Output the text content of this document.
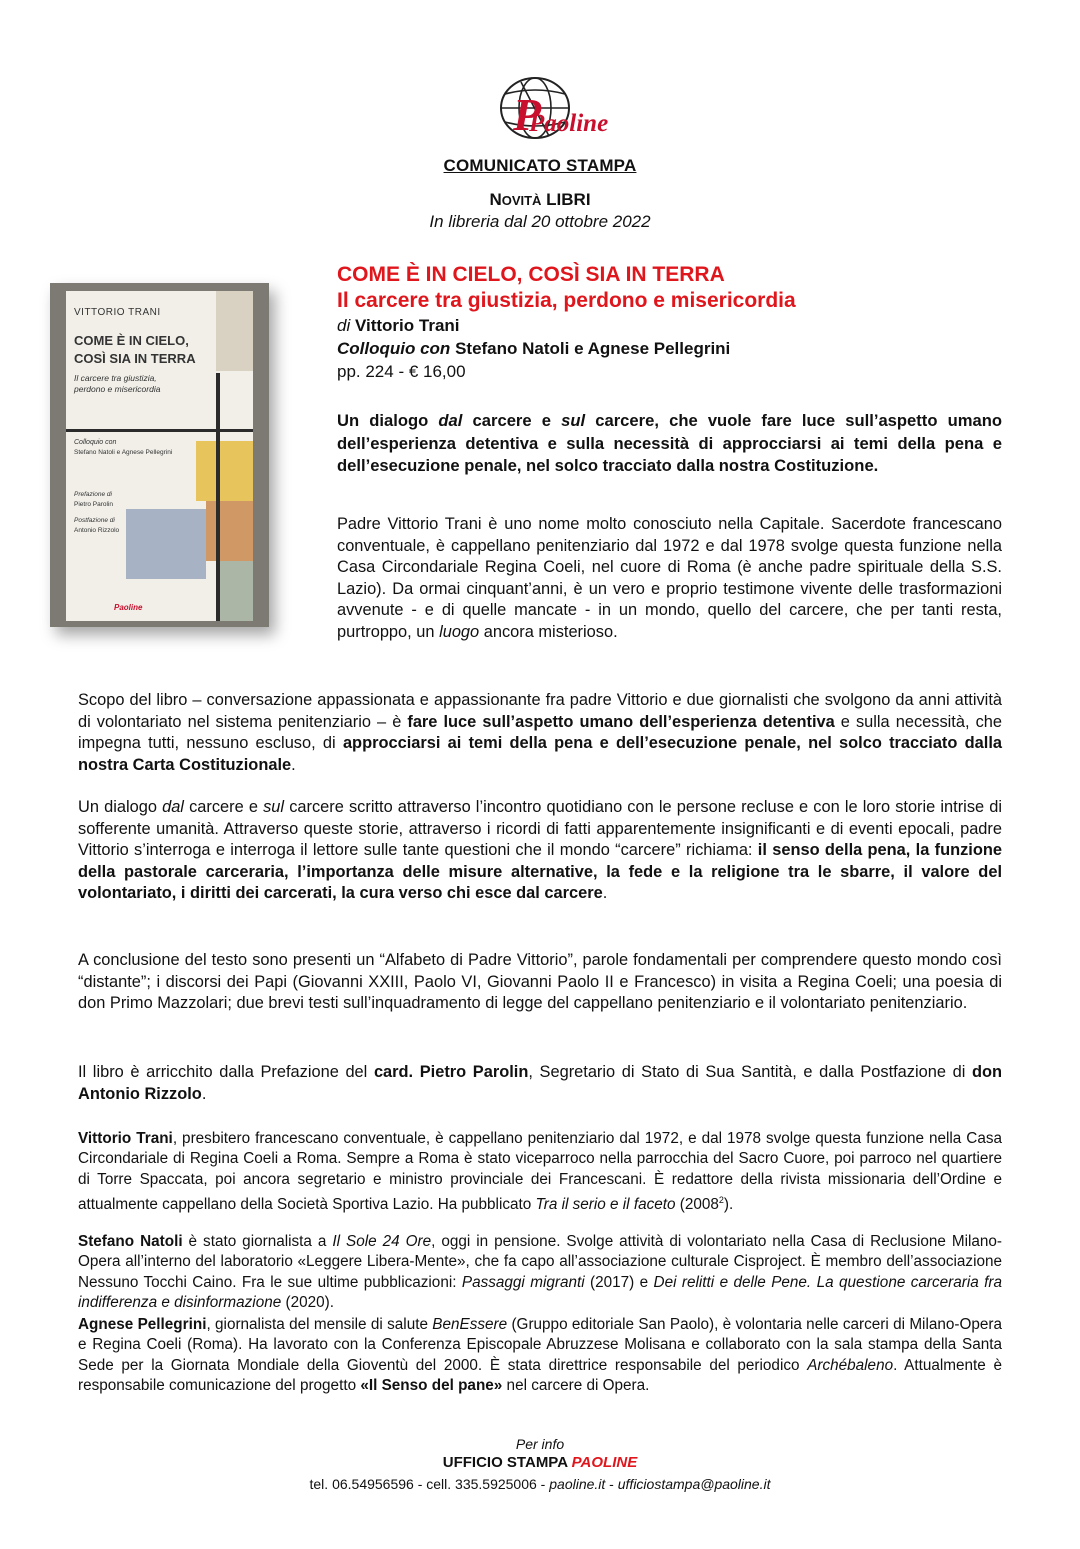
P
Paoline
COMUNICATO STAMPA
NOVITÀ LIBRI
In libreria dal 20 ottobre 2022
VITTORIO TRANI
COME È IN CIELO,
COSÌ SIA IN TERRA
Il carcere tra giustizia,
perdono e misericordia
Colloquio con
Stefano Natoli e Agnese Pellegrini
Prefazione di
Pietro Parolin
Postfazione di
Antonio Rizzolo
Paoline
COME È IN CIELO, COSÌ SIA IN TERRA
Il carcere tra giustizia, perdono e misericordia
di Vittorio Trani
Colloquio con Stefano Natoli e Agnese Pellegrini
pp. 224 - € 16,00
Un dialogo dal carcere e sul carcere, che vuole fare luce sull’aspetto umano dell’esperienza detentiva e sulla necessità di approcciarsi ai temi della pena e dell’esecuzione penale, nel solco tracciato dalla nostra Costituzione.
Padre Vittorio Trani è uno nome molto conosciuto nella Capitale. Sacerdote francescano conventuale, è cappellano penitenziario dal 1972 e dal 1978 svolge questa funzione nella Casa Circondariale Regina Coeli, nel cuore di Roma (è anche padre spirituale della S.S. Lazio). Da ormai cinquant’anni, è un vero e proprio testimone vivente delle trasformazioni avvenute - e di quelle mancate - in un mondo, quello del carcere, che per tanti resta, purtroppo, un luogo ancora misterioso.
Scopo del libro – conversazione appassionata e appassionante fra padre Vittorio e due giornalisti che svolgono da anni attività di volontariato nel sistema penitenziario – è fare luce sull’aspetto umano dell’esperienza detentiva e sulla necessità, che impegna tutti, nessuno escluso, di approcciarsi ai temi della pena e dell’esecuzione penale, nel solco tracciato dalla nostra Carta Costituzionale.
Un dialogo dal carcere e sul carcere scritto attraverso l’incontro quotidiano con le persone recluse e con le loro storie intrise di sofferente umanità. Attraverso queste storie, attraverso i ricordi di fatti apparentemente insignificanti e di eventi epocali, padre Vittorio s’interroga e interroga il lettore sulle tante questioni che il mondo “carcere” richiama: il senso della pena, la funzione della pastorale carceraria, l’importanza delle misure alternative, la fede e la religione tra le sbarre, il valore del volontariato, i diritti dei carcerati, la cura verso chi esce dal carcere.
A conclusione del testo sono presenti un “Alfabeto di Padre Vittorio”, parole fondamentali per comprendere questo mondo così “distante”; i discorsi dei Papi (Giovanni XXIII, Paolo VI, Giovanni Paolo II e Francesco) in visita a Regina Coeli; una poesia di don Primo Mazzolari; due brevi testi sull’inquadramento di legge del cappellano penitenziario e il volontariato penitenziario.
Il libro è arricchito dalla Prefazione del card. Pietro Parolin, Segretario di Stato di Sua Santità, e dalla Postfazione di don Antonio Rizzolo.
Vittorio Trani, presbitero francescano conventuale, è cappellano penitenziario dal 1972, e dal 1978 svolge questa funzione nella Casa Circondariale di Regina Coeli a Roma. Sempre a Roma è stato viceparroco nella parrocchia del Sacro Cuore, poi parroco nel quartiere di Torre Spaccata, poi ancora segretario e ministro provinciale dei Francescani. È redattore della rivista missionaria dell’Ordine e attualmente cappellano della Società Sportiva Lazio. Ha pubblicato Tra il serio e il faceto (2008$^2$).
Stefano Natoli è stato giornalista a Il Sole 24 Ore, oggi in pensione. Svolge attività di volontariato nella Casa di Reclusione Milano-Opera all’interno del laboratorio «Leggere Libera-Mente», che fa capo all’associazione culturale Cisproject. È membro dell’associazione Nessuno Tocchi Caino. Fra le sue ultime pubblicazioni: Passaggi migranti (2017) e Dei relitti e delle Pene. La questione carceraria fra indifferenza e disinformazione (2020).
Agnese Pellegrini, giornalista del mensile di salute BenEssere (Gruppo editoriale San Paolo), è volontaria nelle carceri di Milano-Opera e Regina Coeli (Roma). Ha lavorato con la Conferenza Episcopale Abruzzese Molisana e collaborato con la sala stampa della Santa Sede per la Giornata Mondiale della Gioventù del 2000. È stata direttrice responsabile del periodico Archébaleno. Attualmente è responsabile comunicazione del progetto «Il Senso del pane» nel carcere di Opera.
Per info
UFFICIO STAMPA PAOLINE
tel. 06.54956596 - cell. 335.5925006 - paoline.it - ufficiostampa@paoline.it
